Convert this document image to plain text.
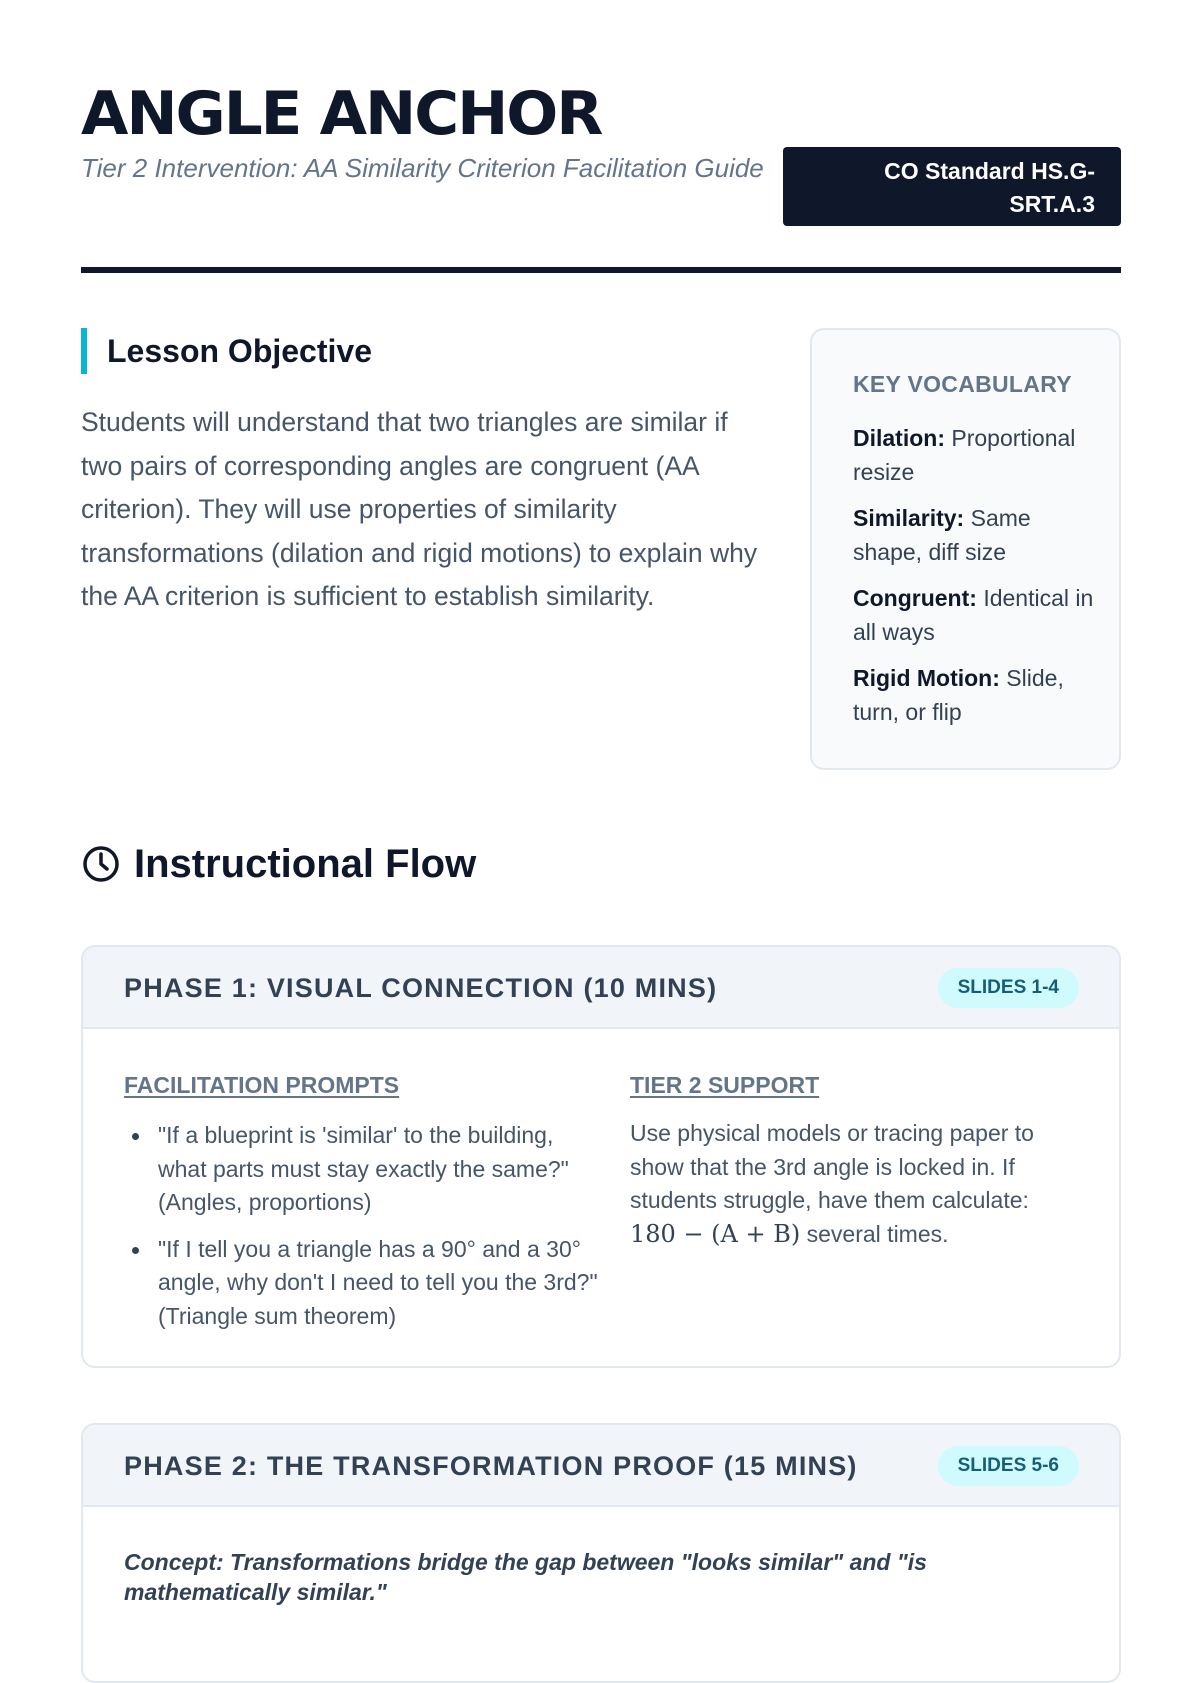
ANGLE ANCHOR
Tier 2 Intervention: AA Similarity Criterion Facilitation Guide	CO Standard HS.G-SRT.A.3
Lesson Objective
Students will understand that two triangles are similar if two pairs of corresponding angles are congruent (AA criterion). They will use properties of similarity transformations (dilation and rigid motions) to explain why the AA criterion is sufficient to establish similarity.
KEY VOCABULARY
Dilation: Proportional resize
Similarity: Same shape, diff size
Congruent: Identical in all ways
Rigid Motion: Slide, turn, or flip
Instructional Flow
PHASE 1: VISUAL CONNECTION (10 MINS)	SLIDES 1-4
FACILITATION PROMPTS
"If a blueprint is 'similar' to the building, what parts must stay exactly the same?" (Angles, proportions)
"If I tell you a triangle has a 90° and a 30° angle, why don't I need to tell you the 3rd?" (Triangle sum theorem)
TIER 2 SUPPORT
Use physical models or tracing paper to show that the 3rd angle is locked in. If students struggle, have them calculate: 180 − (A + B) several times.
PHASE 2: THE TRANSFORMATION PROOF (15 MINS)	SLIDES 5-6
Concept: Transformations bridge the gap between "looks similar" and "is mathematically similar."
